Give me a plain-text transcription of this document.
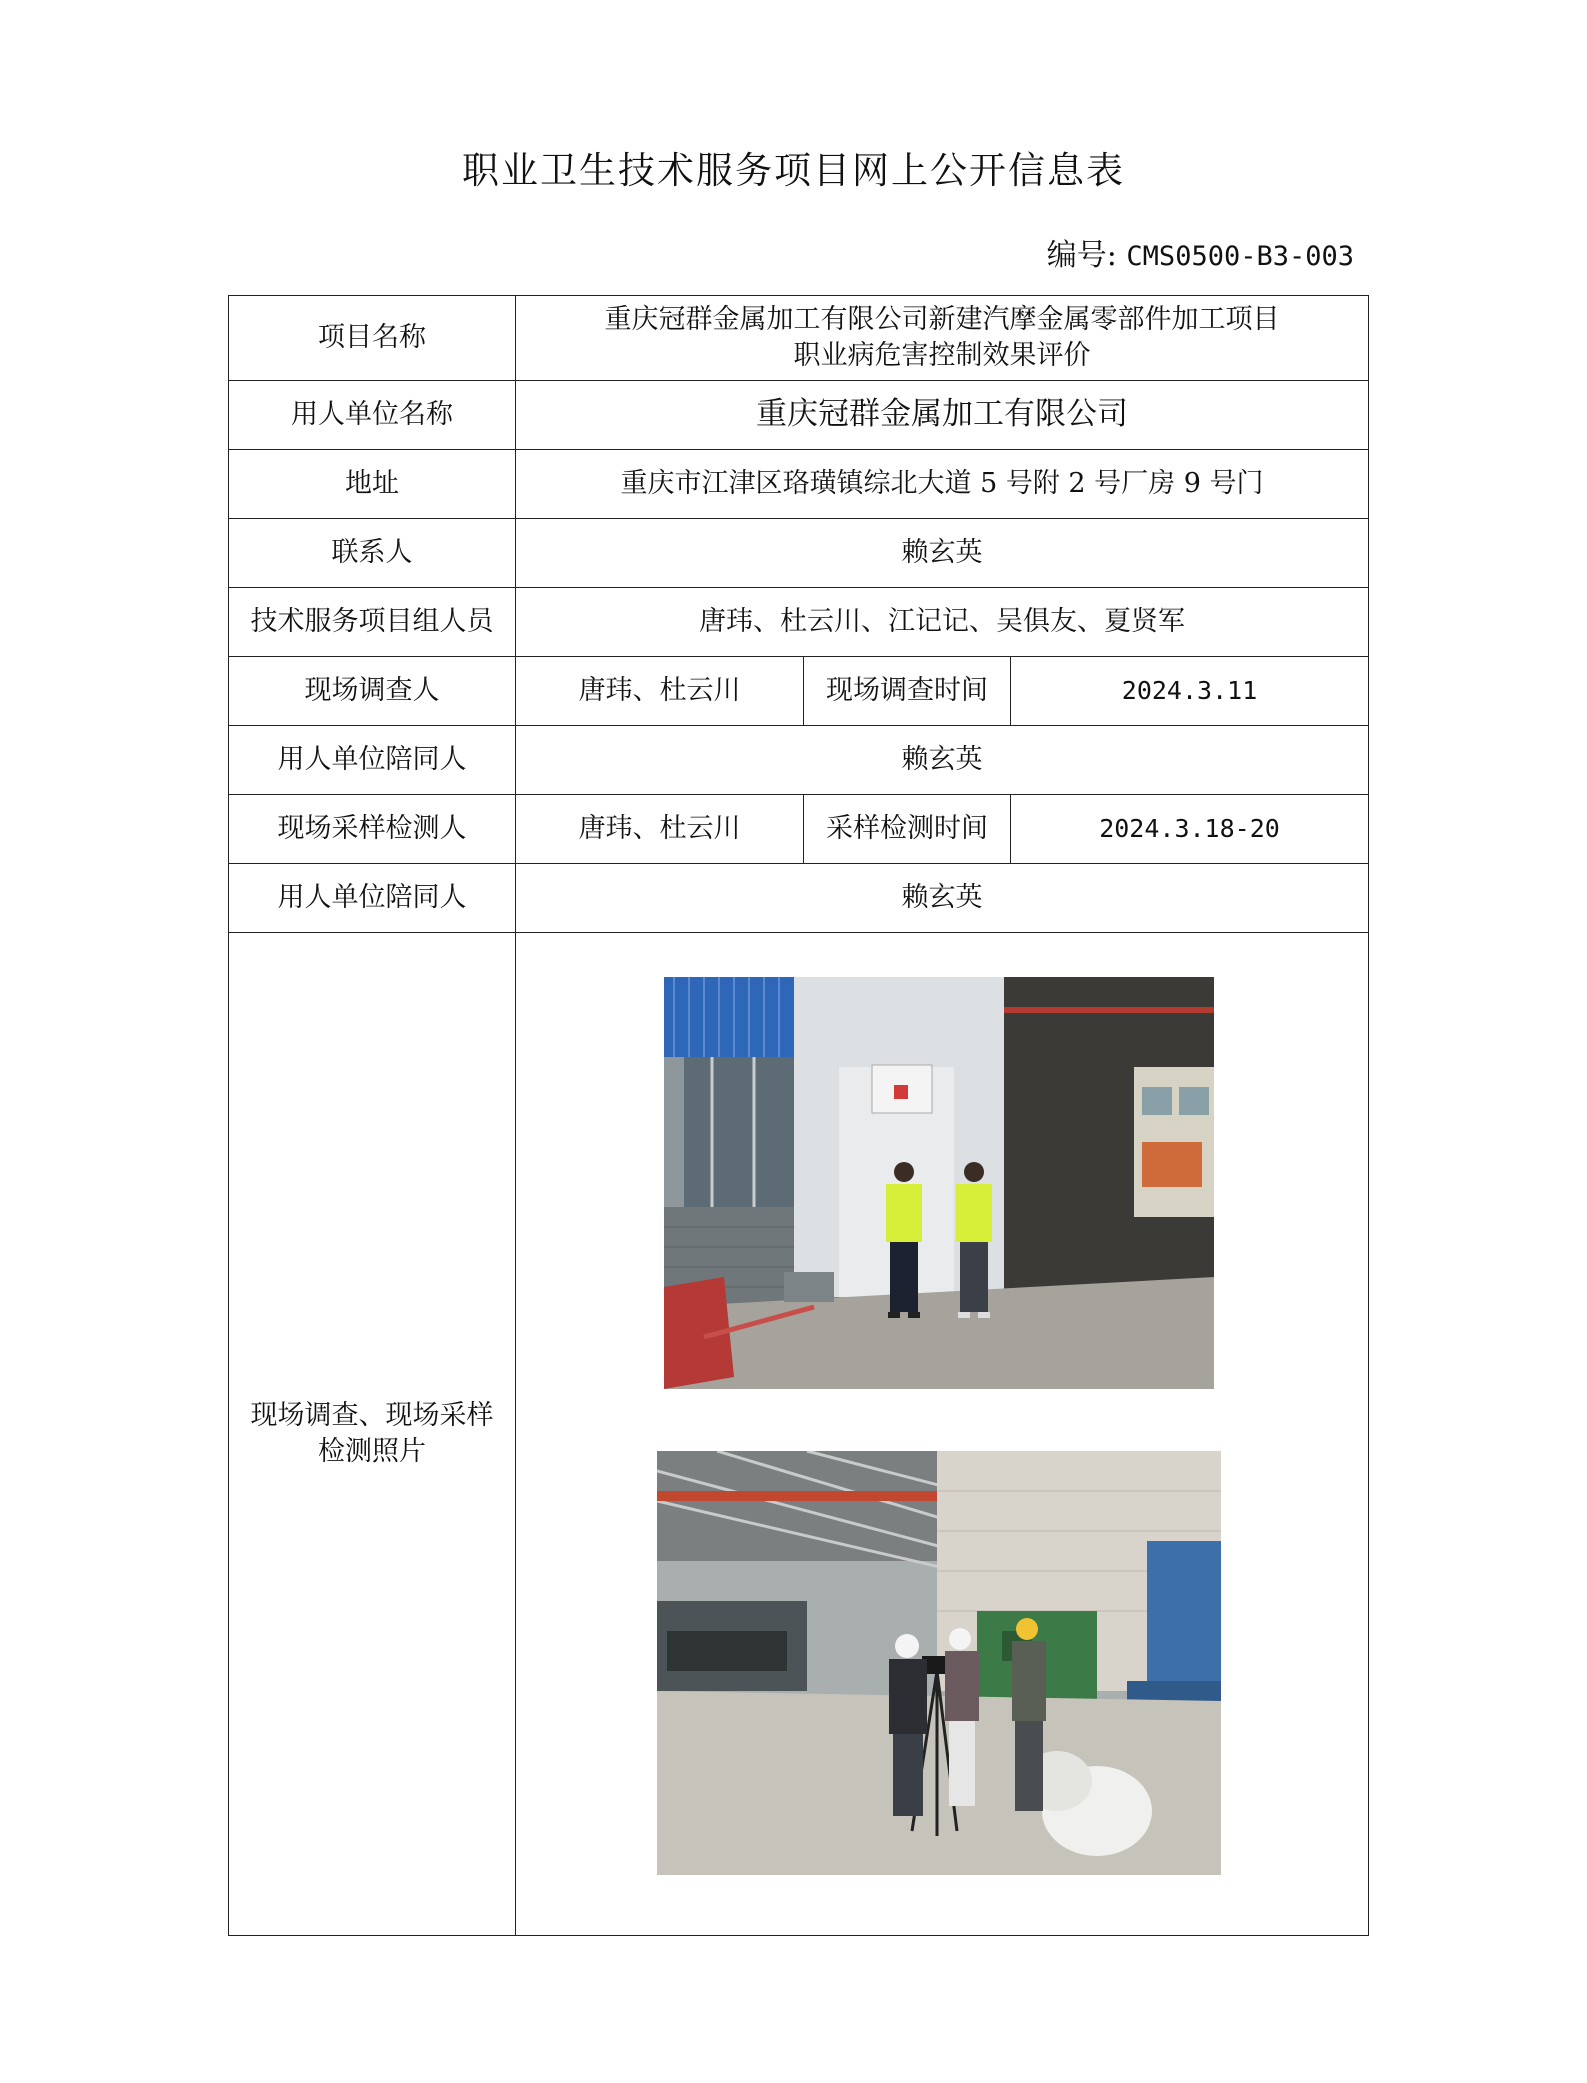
职业卫生技术服务项目网上公开信息表
编号: CMS0500-B3-003
项目名称	重庆冠群金属加工有限公司新建汽摩金属零部件加工项目
职业病危害控制效果评价		

用人单位名称	重庆冠群金属加工有限公司		
地址	重庆市江津区珞璜镇综北大道 5 号附 2 号厂房 9 号门		
联系人	赖玄英		
技术服务项目组人员	唐玮、杜云川、江记记、吴俱友、夏贤军		
现场调查人	唐玮、杜云川	现场调查时间	2024.3.11
用人单位陪同人	赖玄英		
现场采样检测人	唐玮、杜云川	采样检测时间	2024.3.18-20
用人单位陪同人	赖玄英		

现场调查、现场采样
检测照片
